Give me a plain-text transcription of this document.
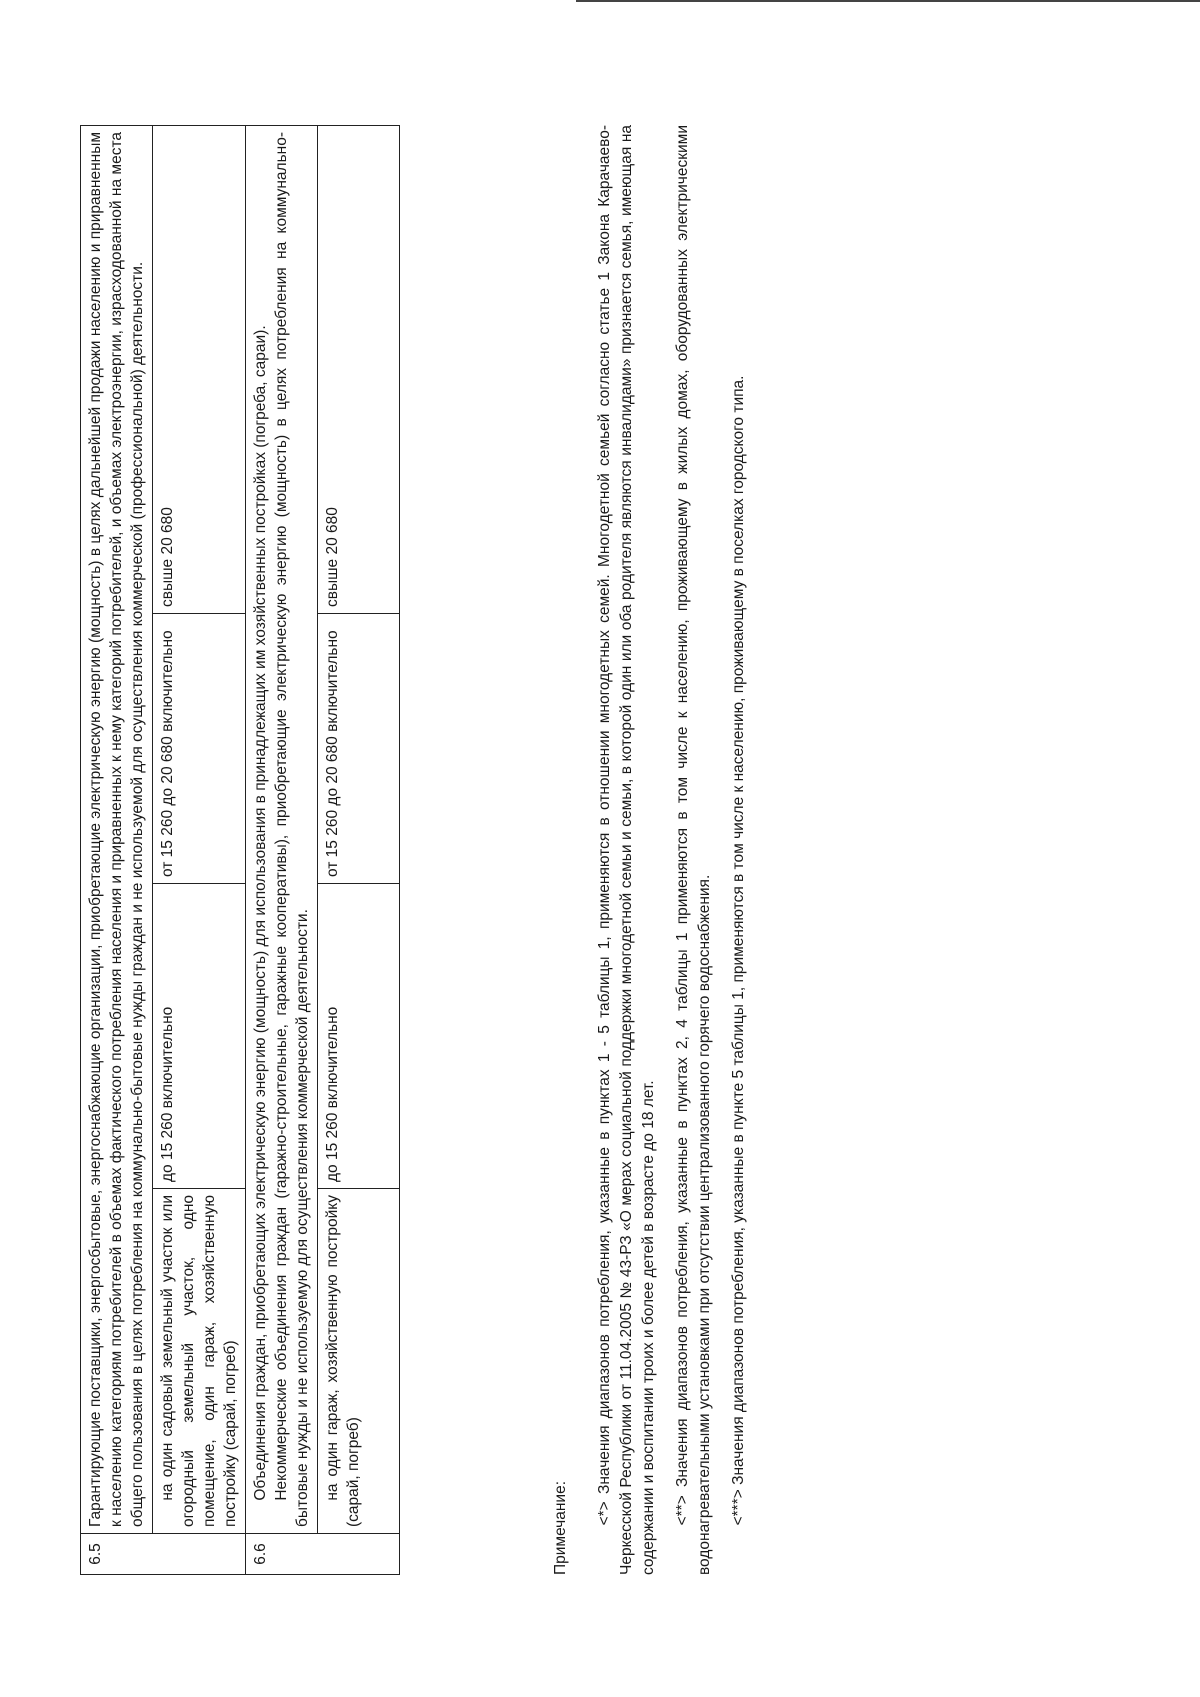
6.5	Гарантирующие поставщики, энергосбытовые, энергоснабжающие организации, приобретающие электрическую энергию (мощность) в целях дальнейшей продажи населению и приравненным к населению категориям потребителей в объемах фактического потребления населения и приравненных к нему категорий потребителей, и объемах электроэнергии, израсходованной на места общего пользования в целях потребления на коммунально-бытовые нужды граждан и не используемой для осуществления коммерческой (профессиональной) деятельности.			
	на один садовый земельный участок или огородный земельный участок, одно помещение, один гараж, хозяйственную постройку (сарай, погреб)	до 15 260 включительно	от 15 260 до 20 680 включительно	свыше 20 680
6.6	Объединения граждан, приобретающих электрическую энергию (мощность) для использования в принадлежащих им хозяйственных постройках (погреба, сараи). Некоммерческие объединения граждан (гаражно-строительные, гаражные кооперативы), приобретающие электрическую энергию (мощность) в целях потребления на коммунально-бытовые нужды и не используемую для осуществления коммерческой деятельности.			

	на один гараж, хозяйственную постройку (сарай, погреб)	до 15 260 включительно	от 15 260 до 20 680 включительно	свыше 20 680

Примечание:

<*> Значения диапазонов потребления, указанные в пунктах 1 - 5 таблицы 1, применяются в отношении многодетных семей. Многодетной семьей согласно статье 1 Закона Карачаево-Черкесской Республики от 11.04.2005 № 43-РЗ «О мерах социальной поддержки многодетной семьи и семьи, в которой один или оба родителя являются инвалидами» признается семья, имеющая на содержании и воспитании троих и более детей в возрасте до 18 лет. <**> Значения диапазонов потребления, указанные в пунктах 2, 4 таблицы 1 применяются в том числе к населению, проживающему в жилых домах, оборудованных электрическими водонагревательными установками при отсутствии централизованного горячего водоснабжения. <***> Значения диапазонов потребления, указанные в пункте 5 таблицы 1, применяются в том числе к населению, проживающему в поселках городского типа.
